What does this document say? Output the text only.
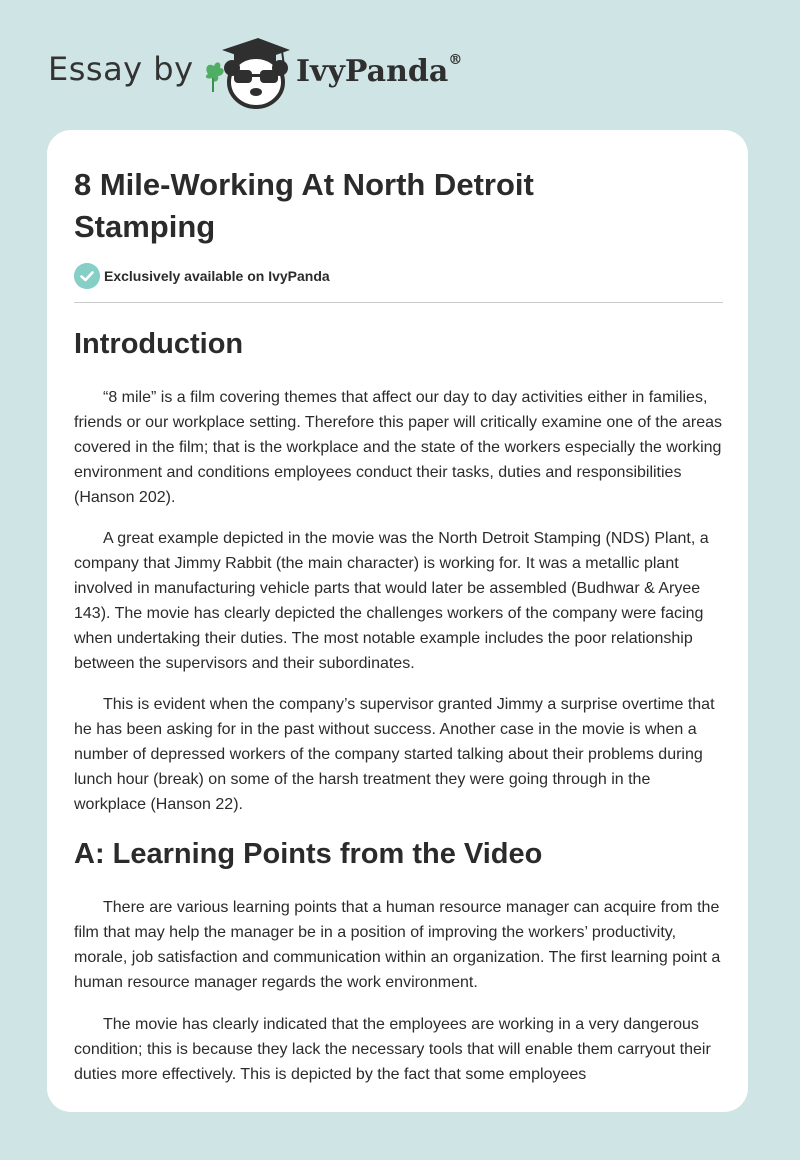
Essay by	IvyPanda®
8 Mile-Working At North Detroit Stamping
Exclusively available on IvyPanda
Introduction

“8 mile” is a film covering themes that affect our day to day activities either in families, friends or our workplace setting. Therefore this paper will critically examine one of the areas covered in the film; that is the workplace and the state of the workers especially the working environment and conditions employees conduct their tasks, duties and responsibilities (Hanson 202).

A great example depicted in the movie was the North Detroit Stamping (NDS) Plant, a company that Jimmy Rabbit (the main character) is working for. It was a metallic plant involved in manufacturing vehicle parts that would later be assembled (Budhwar & Aryee 143). The movie has clearly depicted the challenges workers of the company were facing when undertaking their duties. The most notable example includes the poor relationship between the supervisors and their subordinates.

This is evident when the company’s supervisor granted Jimmy a surprise overtime that he has been asking for in the past without success. Another case in the movie is when a number of depressed workers of the company started talking about their problems during lunch hour (break) on some of the harsh treatment they were going through in the workplace (Hanson 22).

A: Learning Points from the Video

There are various learning points that a human resource manager can acquire from the film that may help the manager be in a position of improving the workers’ productivity, morale, job satisfaction and communication within an organization. The first learning point a human resource manager regards the work environment.

The movie has clearly indicated that the employees are working in a very dangerous condition; this is because they lack the necessary tools that will enable them carryout their duties more effectively. This is depicted by the fact that some employees
